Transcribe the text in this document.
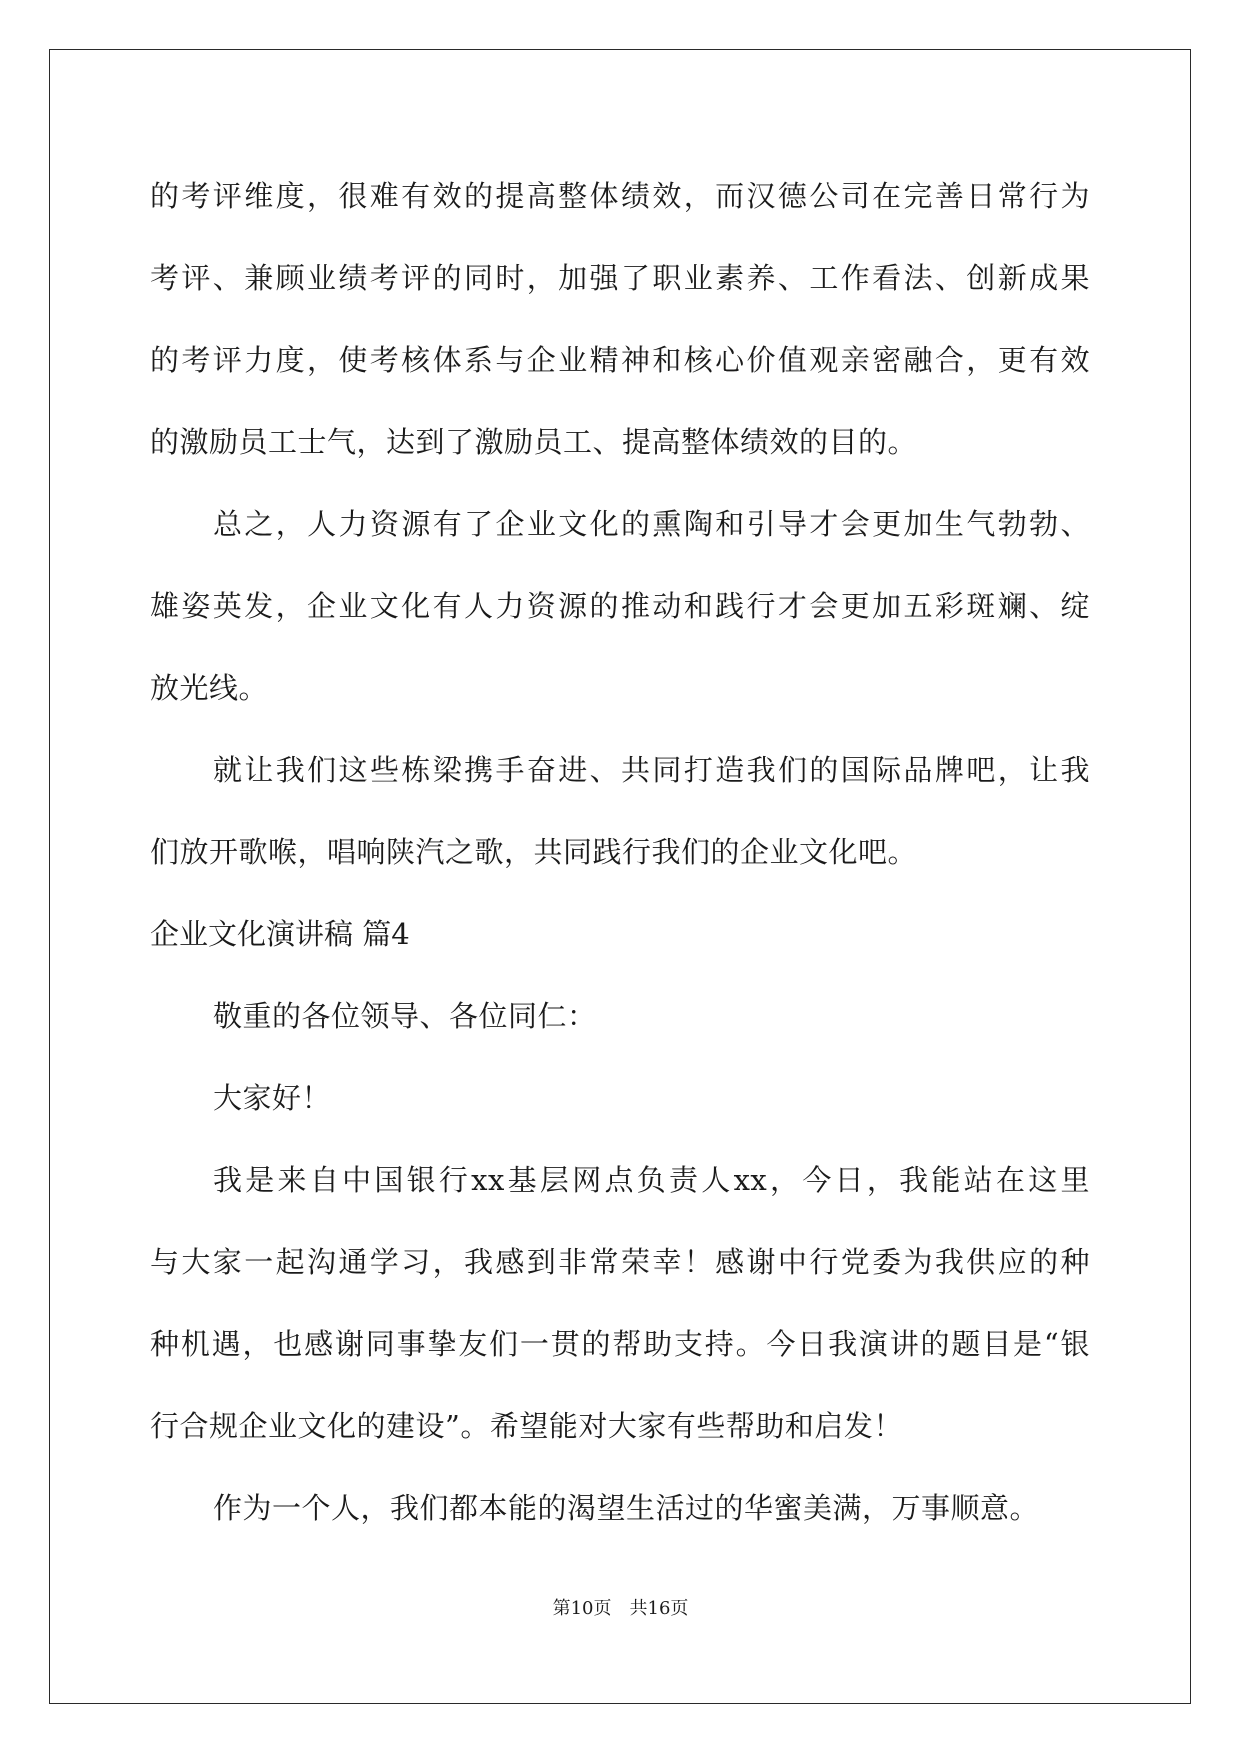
的考评维度，很难有效的提高整体绩效，而汉德公司在完善日常行为
考评、兼顾业绩考评的同时，加强了职业素养、工作看法、创新成果
的考评力度，使考核体系与企业精神和核心价值观亲密融合，更有效
的激励员工士气，达到了激励员工、提高整体绩效的目的。
总之，人力资源有了企业文化的熏陶和引导才会更加生气勃勃、
雄姿英发，企业文化有人力资源的推动和践行才会更加五彩斑斓、绽
放光线。
就让我们这些栋梁携手奋进、共同打造我们的国际品牌吧，让我
们放开歌喉，唱响陕汽之歌，共同践行我们的企业文化吧。
企业文化演讲稿 篇4
敬重的各位领导、各位同仁：
大家好！
我是来自中国银行xx基层网点负责人xx，今日，我能站在这里
与大家一起沟通学习，我感到非常荣幸！感谢中行党委为我供应的种
种机遇，也感谢同事挚友们一贯的帮助支持。今日我演讲的题目是“银
行合规企业文化的建设”。希望能对大家有些帮助和启发！
作为一个人，我们都本能的渴望生活过的华蜜美满，万事顺意。
第10页　共16页
